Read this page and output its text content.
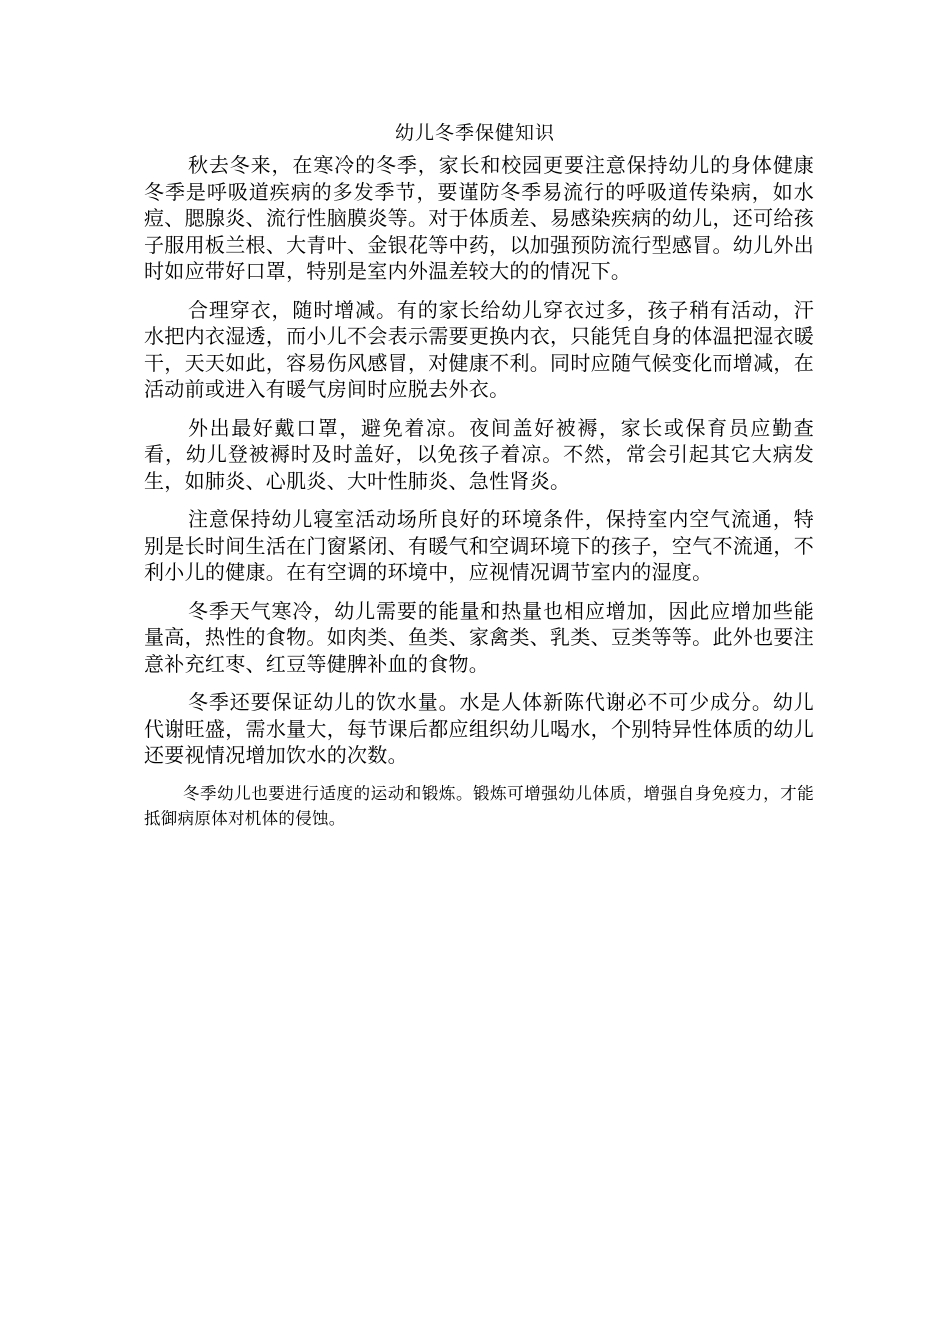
幼儿冬季保健知识

秋去冬来，在寒冷的冬季，家长和校园更要注意保持幼儿的身体健康冬季是呼吸道疾病的多发季节，要谨防冬季易流行的呼吸道传染病，如水痘、腮腺炎、流行性脑膜炎等。对于体质差、易感染疾病的幼儿，还可给孩子服用板兰根、大青叶、金银花等中药，以加强预防流行型感冒。幼儿外出时如应带好口罩，特别是室内外温差较大的的情况下。

合理穿衣，随时增减。有的家长给幼儿穿衣过多，孩子稍有活动，汗水把内衣湿透，而小儿不会表示需要更换内衣，只能凭自身的体温把湿衣暖干，天天如此，容易伤风感冒，对健康不利。同时应随气候变化而增减，在活动前或进入有暖气房间时应脱去外衣。

外出最好戴口罩，避免着凉。夜间盖好被褥，家长或保育员应勤查看，幼儿登被褥时及时盖好，以免孩子着凉。不然，常会引起其它大病发生，如肺炎、心肌炎、大叶性肺炎、急性肾炎。

注意保持幼儿寝室活动场所良好的环境条件，保持室内空气流通，特别是长时间生活在门窗紧闭、有暖气和空调环境下的孩子，空气不流通，不利小儿的健康。在有空调的环境中，应视情况调节室内的湿度。

冬季天气寒冷，幼儿需要的能量和热量也相应增加，因此应增加些能量高，热性的食物。如肉类、鱼类、家禽类、乳类、豆类等等。此外也要注意补充红枣、红豆等健脾补血的食物。

冬季还要保证幼儿的饮水量。水是人体新陈代谢必不可少成分。幼儿代谢旺盛，需水量大，每节课后都应组织幼儿喝水，个别特异性体质的幼儿还要视情况增加饮水的次数。

冬季幼儿也要进行适度的运动和锻炼。锻炼可增强幼儿体质，增强自身免疫力，才能抵御病原体对机体的侵蚀。
